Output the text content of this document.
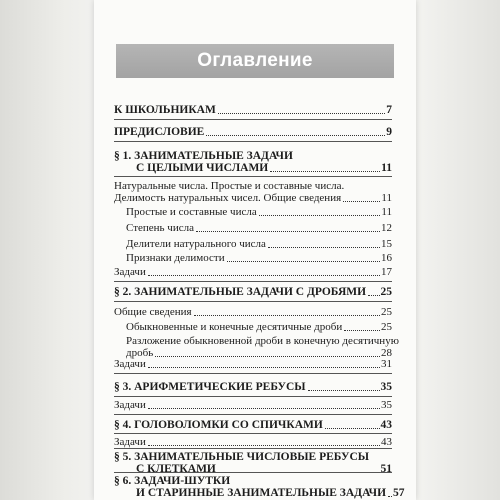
Оглавление
К ШКОЛЬНИКАМ	7
ПРЕДИСЛОВИЕ	9
§ 1. ЗАНИМАТЕЛЬНЫЕ ЗАДАЧИ
С ЦЕЛЫМИ ЧИСЛАМИ	11
Натуральные числа. Простые и составные числа.
Делимость натуральных чисел. Общие сведения	11
Простые и составные числа	11
Степень числа	12
Делители натурального числа	15
Признаки делимости	16
Задачи	17
§ 2. ЗАНИМАТЕЛЬНЫЕ ЗАДАЧИ С ДРОБЯМИ 25
Общие сведения	25
Обыкновенные и конечные десятичные дроби	25
Разложение обыкновенной дроби в конечную десятичную
дробь	28
Задачи	31
§ 3. АРИФМЕТИЧЕСКИЕ РЕБУСЫ	35
Задачи	35
§ 4. ГОЛОВОЛОМКИ СО СПИЧКАМИ	43
Задачи	43
§ 5. ЗАНИМАТЕЛЬНЫЕ ЧИСЛОВЫЕ РЕБУСЫ
С КЛЕТКАМИ	51
§ 6. ЗАДАЧИ-ШУТКИ
И СТАРИННЫЕ ЗАНИМАТЕЛЬНЫЕ ЗАДАЧИ 57
